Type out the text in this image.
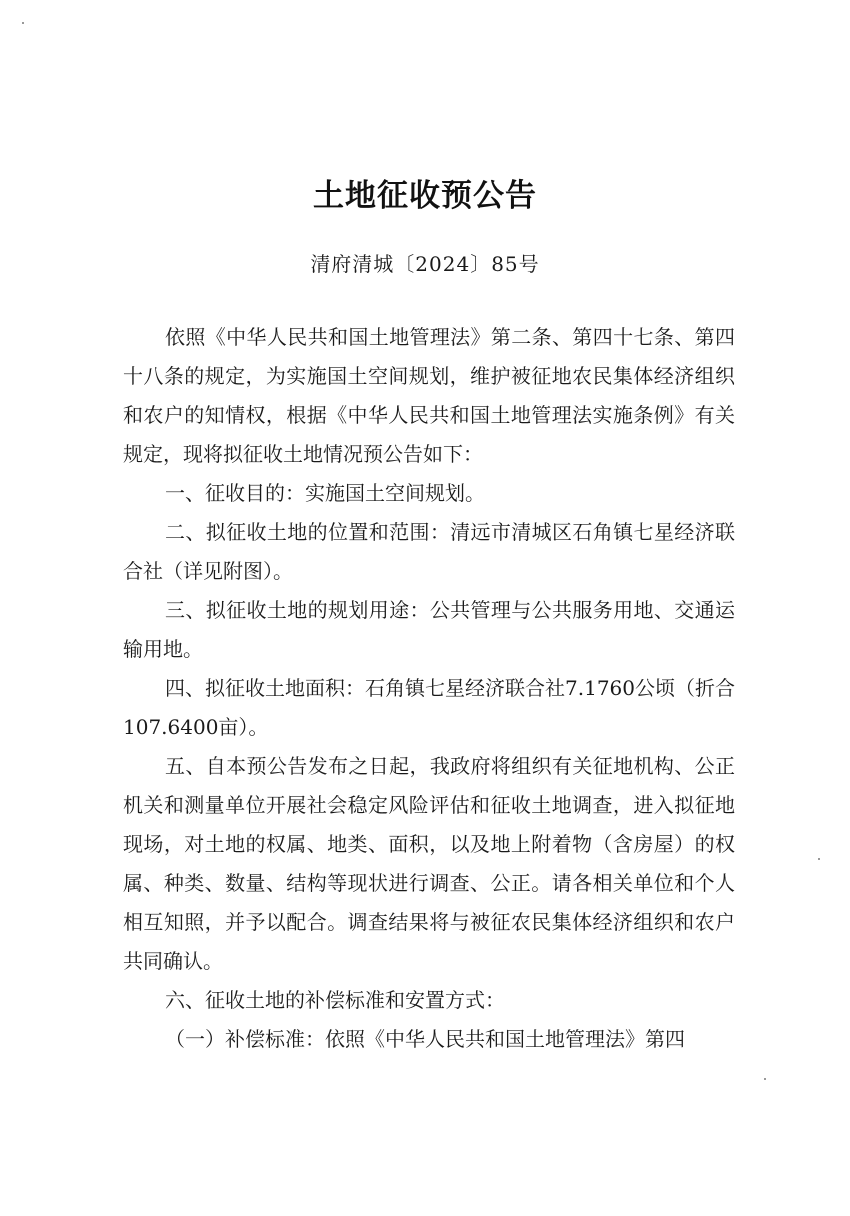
土地征收预公告
清府清城〔2024〕85号

依照《中华人民共和国土地管理法》第二条、第四十七条、第四十八条的规定，为实施国土空间规划，维护被征地农民集体经济组织和农户的知情权，根据《中华人民共和国土地管理法实施条例》有关规定，现将拟征收土地情况预公告如下：

一、征收目的：实施国土空间规划。

二、拟征收土地的位置和范围：清远市清城区石角镇七星经济联合社（详见附图）。

三、拟征收土地的规划用途：公共管理与公共服务用地、交通运输用地。

四、拟征收土地面积：石角镇七星经济联合社7.1760公顷（折合107.6400亩）。

五、自本预公告发布之日起，我政府将组织有关征地机构、公正机关和测量单位开展社会稳定风险评估和征收土地调查，进入拟征地现场，对土地的权属、地类、面积，以及地上附着物（含房屋）的权属、种类、数量、结构等现状进行调查、公正。请各相关单位和个人相互知照，并予以配合。调查结果将与被征农民集体经济组织和农户共同确认。

六、征收土地的补偿标准和安置方式：

（一）补偿标准：依照《中华人民共和国土地管理法》第四
